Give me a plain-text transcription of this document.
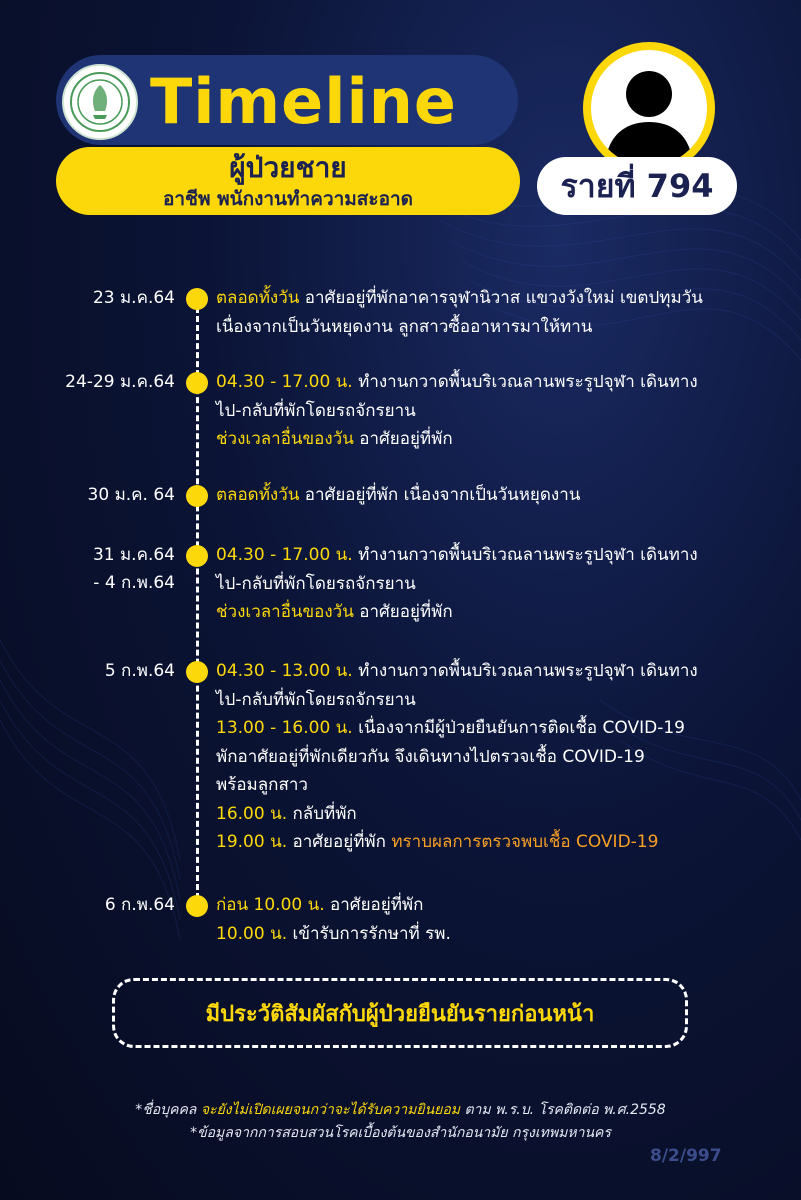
Timeline
ผู้ป่วยชาย
อาชีพ พนักงานทำความสะอาด	รายที่ 794
23 ม.ค.64 ตลอดทั้งวัน อาศัยอยู่ที่พักอาคารจุฬานิวาส แขวงวังใหม่ เขตปทุมวัน
เนื่องจากเป็นวันหยุดงาน ลูกสาวซื้ออาหารมาให้ทาน
24-29 ม.ค.64 04.30 - 17.00 น. ทำงานกวาดพื้นบริเวณลานพระรูปจุฬา เดินทาง
ไป-กลับที่พักโดยรถจักรยาน
ช่วงเวลาอื่นของวัน อาศัยอยู่ที่พัก
30 ม.ค. 64 ตลอดทั้งวัน อาศัยอยู่ที่พัก เนื่องจากเป็นวันหยุดงาน
31 ม.ค.64
- 4 ก.พ.64
04.30 - 17.00 น. ทำงานกวาดพื้นบริเวณลานพระรูปจุฬา เดินทาง
ไป-กลับที่พักโดยรถจักรยาน
ช่วงเวลาอื่นของวัน อาศัยอยู่ที่พัก
5 ก.พ.64 04.30 - 13.00 น. ทำงานกวาดพื้นบริเวณลานพระรูปจุฬา เดินทาง
ไป-กลับที่พักโดยรถจักรยาน
13.00 - 16.00 น. เนื่องจากมีผู้ป่วยยืนยันการติดเชื้อ COVID-19
พักอาศัยอยู่ที่พักเดียวกัน จึงเดินทางไปตรวจเชื้อ COVID-19
พร้อมลูกสาว
16.00 น. กลับที่พัก
19.00 น. อาศัยอยู่ที่พัก ทราบผลการตรวจพบเชื้อ COVID-19
6 ก.พ.64 ก่อน 10.00 น. อาศัยอยู่ที่พัก
10.00 น. เข้ารับการรักษาที่ รพ.
มีประวัติสัมผัสกับผู้ป่วยยืนยันรายก่อนหน้า
*ชื่อบุคคล จะยังไม่เปิดเผยจนกว่าจะได้รับความยินยอม ตาม พ.ร.บ. โรคติดต่อ พ.ศ.2558
*ข้อมูลจากการสอบสวนโรคเบื้องต้นของสำนักอนามัย กรุงเทพมหานคร
8/2/997
